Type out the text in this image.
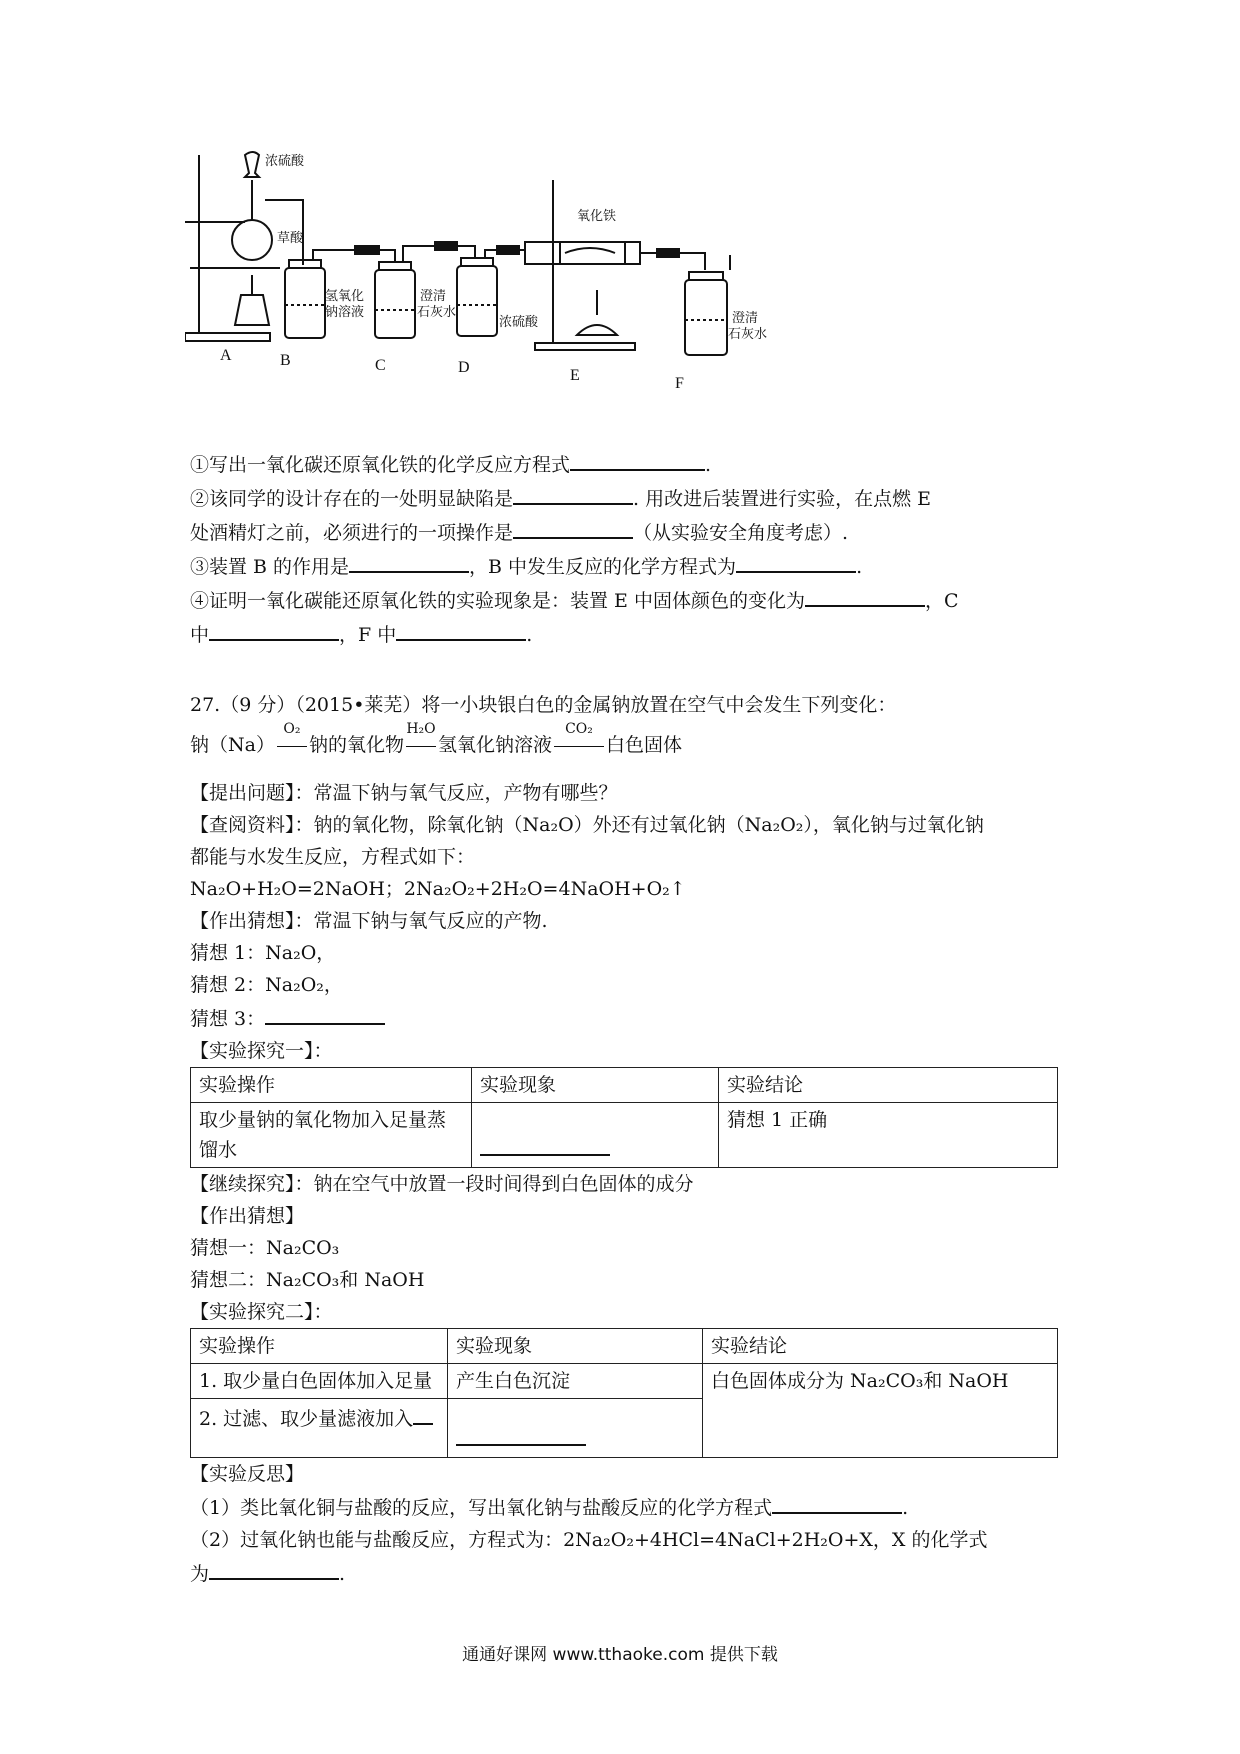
浓硫酸
草酸
氢氧化钠溶液
澄清石灰水
浓硫酸
氧化铁
澄清石灰水
A	B	C	D	E	F
①写出一氧化碳还原氧化铁的化学反应方程式	.
②该同学的设计存在的一处明显缺陷是	. 用改进后装置进行实验，在点燃 E
处酒精灯之前，必须进行的一项操作是	（从实验安全角度考虑）.
③装置 B 的作用是	，B 中发生反应的化学方程式为	.
④证明一氧化碳能还原氧化铁的实验现象是：装置 E 中固体颜色的变化为	，C
中	，F 中	.
27.（9 分）（2015•莱芜）将一小块银白色的金属钠放置在空气中会发生下列变化：
钠（Na）
O₂
钠的氧化物
H₂O
氢氧化钠溶液
CO₂
白色固体
【提出问题】：常温下钠与氧气反应，产物有哪些？
【查阅资料】：钠的氧化物，除氧化钠（Na₂O）外还有过氧化钠（Na₂O₂），氧化钠与过氧化钠
都能与水发生反应，方程式如下：
Na₂O+H₂O=2NaOH；2Na₂O₂+2H₂O=4NaOH+O₂↑
【作出猜想】：常温下钠与氧气反应的产物.
猜想 1：Na₂O，
猜想 2：Na₂O₂，
猜想 3：
【实验探究一】：
实验操作	实验现象	实验结论
取少量钠的氧化物加入足量蒸馏水		猜想 1 正确
【继续探究】：钠在空气中放置一段时间得到白色固体的成分
【作出猜想】
猜想一：Na₂CO₃
猜想二：Na₂CO₃和 NaOH
【实验探究二】：
实验操作	实验现象	实验结论
1. 取少量白色固体加入足量	产生白色沉淀	白色固体成分为 Na₂CO₃和 NaOH
2. 过滤、取少量滤液加入		
【实验反思】
（1）类比氧化铜与盐酸的反应，写出氧化钠与盐酸反应的化学方程式	.
（2）过氧化钠也能与盐酸反应，方程式为：2Na₂O₂+4HCl=4NaCl+2H₂O+X，X 的化学式
为	.
通通好课网 www.tthaoke.com 提供下载
